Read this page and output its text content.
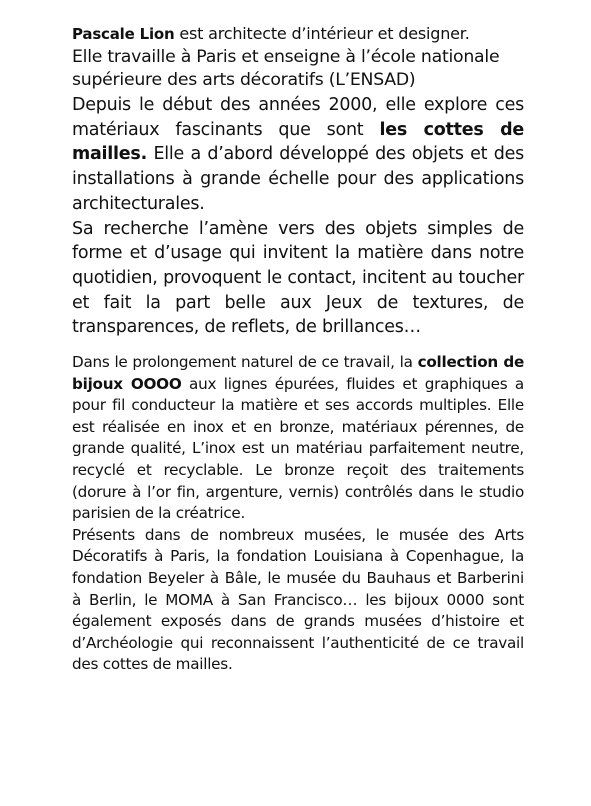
Pascale Lion est architecte d’intérieur et designer.

Elle travaille à Paris et enseigne à l’école nationale supérieure des arts décoratifs (L’ENSAD)

Depuis le début des années 2000, elle explore ces matériaux fascinants que sont les cottes de mailles. Elle a d’abord développé des objets et des installations à grande échelle pour des applications architecturales.

Sa recherche l’amène vers des objets simples de forme et d’usage qui invitent la matière dans notre quotidien, provoquent le contact, incitent au toucher et fait la part belle aux Jeux de textures, de transparences, de reflets, de brillances…

Dans le prolongement naturel de ce travail, la collection de bijoux OOOO aux lignes épurées, fluides et graphiques a pour fil conducteur la matière et ses accords multiples. Elle est réalisée en inox et en bronze, matériaux pérennes, de grande qualité, L’inox est un matériau parfaitement neutre, recyclé et recyclable. Le bronze reçoit des traitements (dorure à l’or fin, argenture, vernis) contrôlés dans le studio parisien de la créatrice.

Présents dans de nombreux musées, le musée des Arts Décoratifs à Paris, la fondation Louisiana à Copenhague, la fondation Beyeler à Bâle, le musée du Bauhaus et Barberini à Berlin, le MOMA à San Francisco… les bijoux 0000 sont également exposés dans de grands musées d’histoire et d’Archéologie qui reconnaissent l’authenticité de ce travail des cottes de mailles.
